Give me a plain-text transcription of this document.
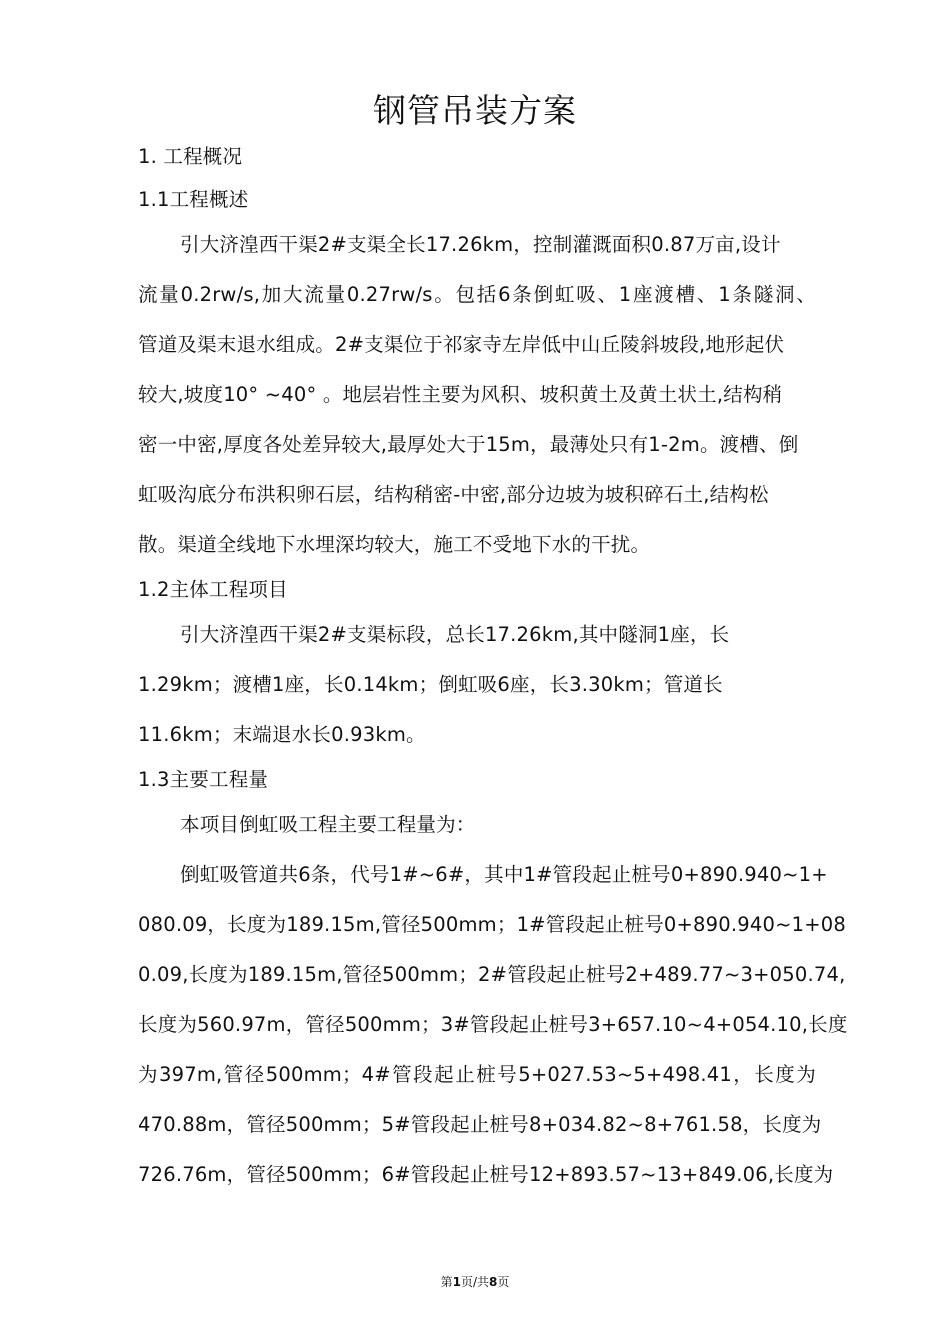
钢管吊装方案
1. 工程概况
1.1工程概述
引大济湟西干渠2#支渠全长17.26km，控制灌溉面积0.87万亩,设计
流量0.2rw/s,加大流量0.27rw/s。包括6条倒虹吸、1座渡槽、1条隧洞、
管道及渠末退水组成。2#支渠位于祁家寺左岸低中山丘陵斜坡段,地形起伏
较大,坡度10° ~40° 。地层岩性主要为风积、坡积黄土及黄土状土,结构稍
密一中密,厚度各处差异较大,最厚处大于15m，最薄处只有1-2m。渡槽、倒
虹吸沟底分布洪积卵石层，结构稍密-中密,部分边坡为坡积碎石土,结构松
散。渠道全线地下水埋深均较大，施工不受地下水的干扰。
1.2主体工程项目
引大济湟西干渠2#支渠标段，总长17.26km,其中隧洞1座，长
1.29km；渡槽1座，长0.14km；倒虹吸6座，长3.30km；管道长
11.6km；末端退水长0.93km。
1.3主要工程量
本项目倒虹吸工程主要工程量为：
倒虹吸管道共6条，代号1#~6#，其中1#管段起止桩号0+890.940~1+
080.09，长度为189.15m,管径500mm；1#管段起止桩号0+890.940~1+08
0.09,长度为189.15m,管径500mm；2#管段起止桩号2+489.77~3+050.74,
长度为560.97m，管径500mm；3#管段起止桩号3+657.10~4+054.10,长度
为397m,管径500mm；4#管段起止桩号5+027.53~5+498.41，长度为
470.88m，管径500mm；5#管段起止桩号8+034.82~8+761.58，长度为
726.76m，管径500mm；6#管段起止桩号12+893.57~13+849.06,长度为
第1页/共8页
